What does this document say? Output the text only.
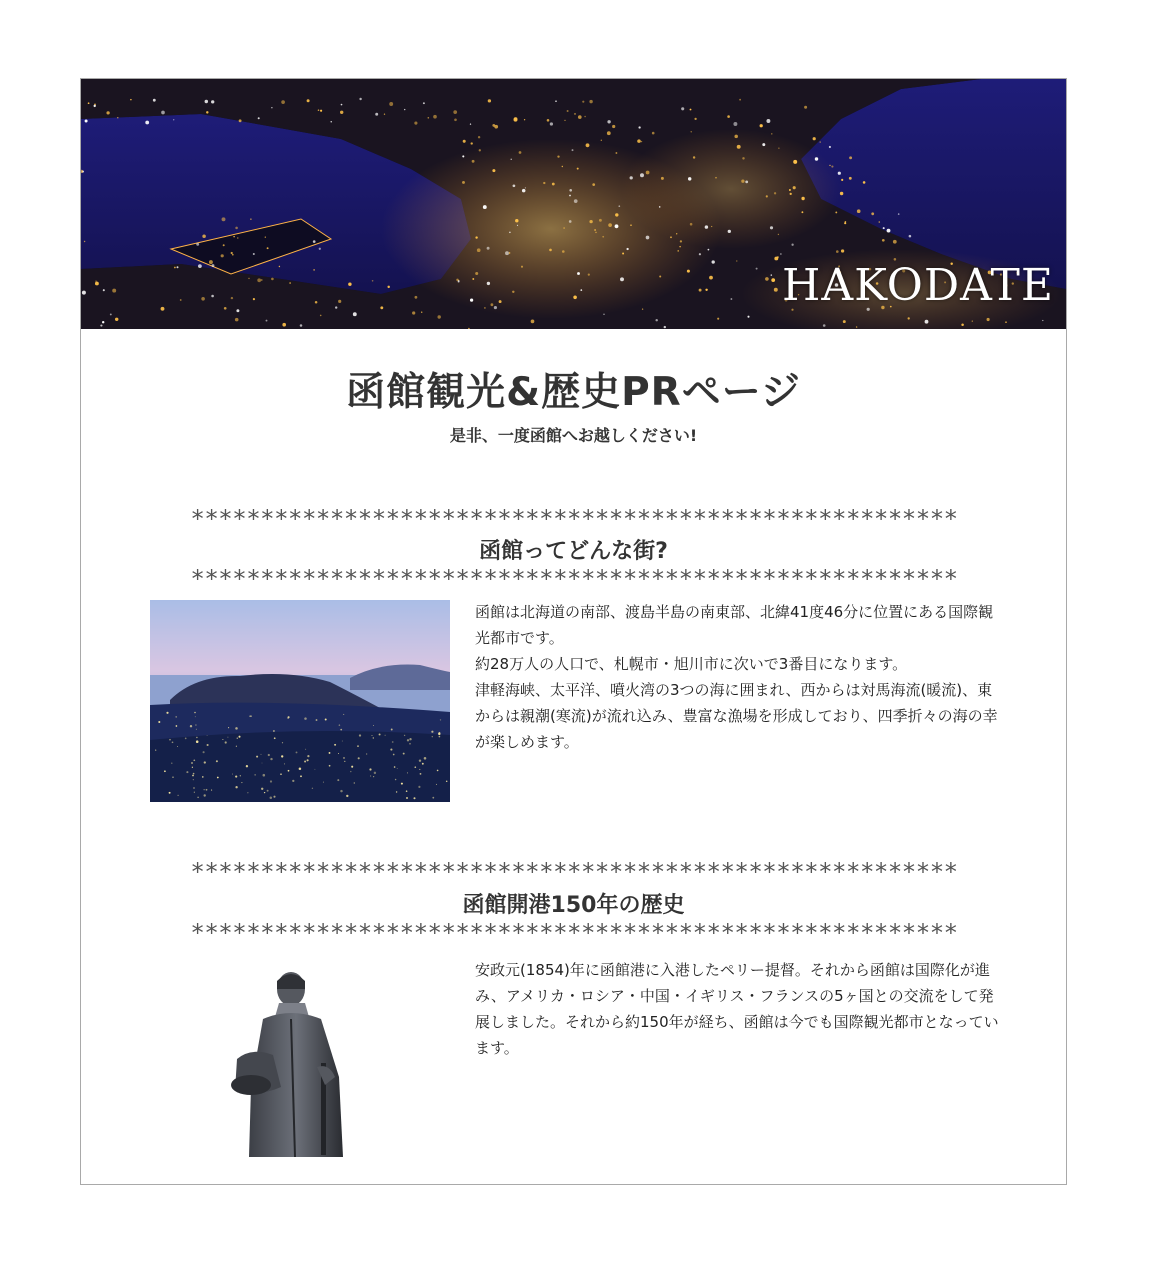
HAKODATE
函館観光&歴史PRページ
是非、一度函館へお越しください!
*******************************************************
函館ってどんな街?
*******************************************************

函館は北海道の南部、渡島半島の南東部、北緯41度46分に位置にある国際観光都市です。

約28万人の人口で、札幌市・旭川市に次いで3番目になります。

津軽海峡、太平洋、噴火湾の3つの海に囲まれ、西からは対馬海流(暖流)、東からは親潮(寒流)が流れ込み、豊富な漁場を形成しており、四季折々の海の幸が楽しめます。

*******************************************************
函館開港150年の歴史
*******************************************************

安政元(1854)年に函館港に入港したペリー提督。それから函館は国際化が進み、アメリカ・ロシア・中国・イギリス・フランスの5ヶ国との交流をして発展しました。それから約150年が経ち、函館は今でも国際観光都市となっています。
